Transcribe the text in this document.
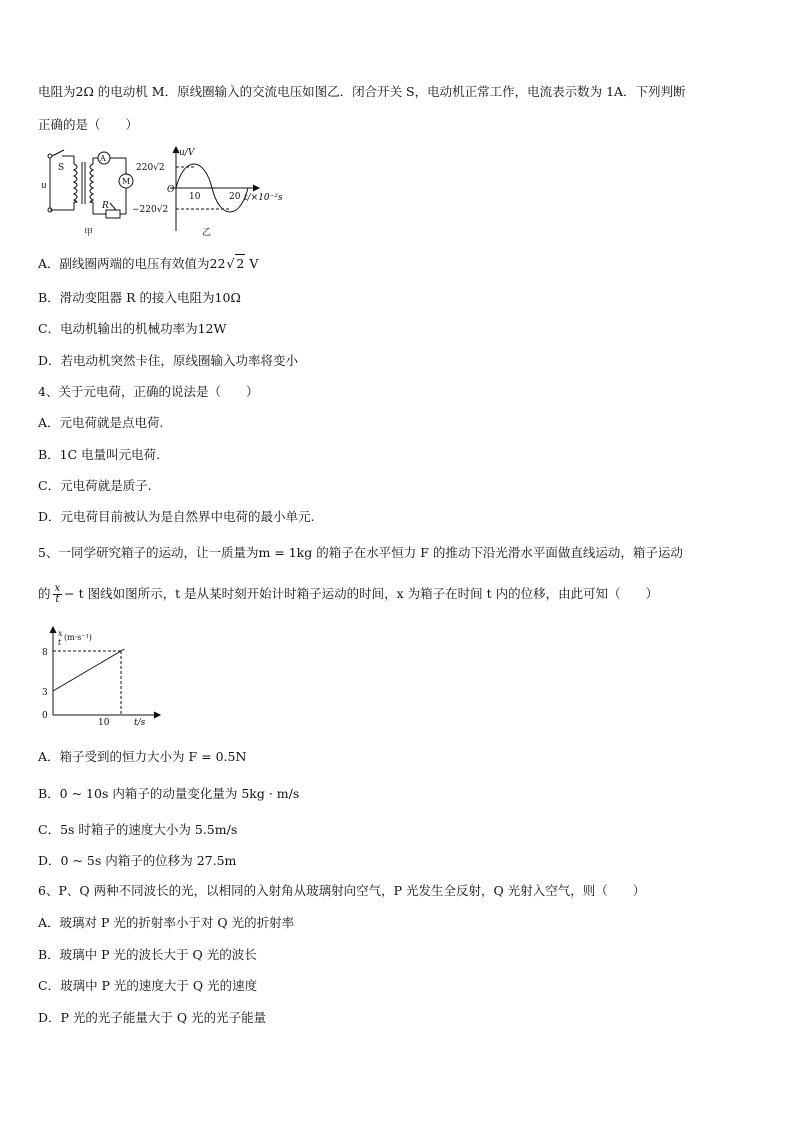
电阻为2Ω 的电动机 M．原线圈输入的交流电压如图乙．闭合开关 S，电动机正常工作，电流表示数为 1A．下列判断
正确的是（　　）
S
u
A
M
R
甲
u/V
220√2
−220√2
O
10	20 t/×10⁻²s
乙
A．副线圈两端的电压有效值为22√ 2 V
B．滑动变阻器 R 的接入电阻为10Ω
C．电动机输出的机械功率为12W
D．若电动机突然卡住，原线圈输入功率将变小
4、关于元电荷，正确的说法是（　　）
A．元电荷就是点电荷.
B．1C 电量叫元电荷.
C．元电荷就是质子.
D．元电荷目前被认为是自然界中电荷的最小单元.
5、一同学研究箱子的运动，让一质量为m = 1kg 的箱子在水平恒力 F 的推动下沿光滑水平面做直线运动，箱子运动
的 $\frac{x}{t} - t$ 图线如图所示，t 是从某时刻开始计时箱子运动的时间，x 为箱子在时间 t 内的位移，由此可知（　　）
x
t
(m·s⁻¹)
8
3
0
10	t/s
A．箱子受到的恒力大小为 F = 0.5N
B．0 ~ 10s 内箱子的动量变化量为 5kg · m/s
C．5s 时箱子的速度大小为 5.5m/s
D．0 ~ 5s 内箱子的位移为 27.5m
6、P、Q 两种不同波长的光，以相同的入射角从玻璃射向空气，P 光发生全反射，Q 光射入空气，则（　　）
A．玻璃对 P 光的折射率小于对 Q 光的折射率
B．玻璃中 P 光的波长大于 Q 光的波长
C．玻璃中 P 光的速度大于 Q 光的速度
D．P 光的光子能量大于 Q 光的光子能量
